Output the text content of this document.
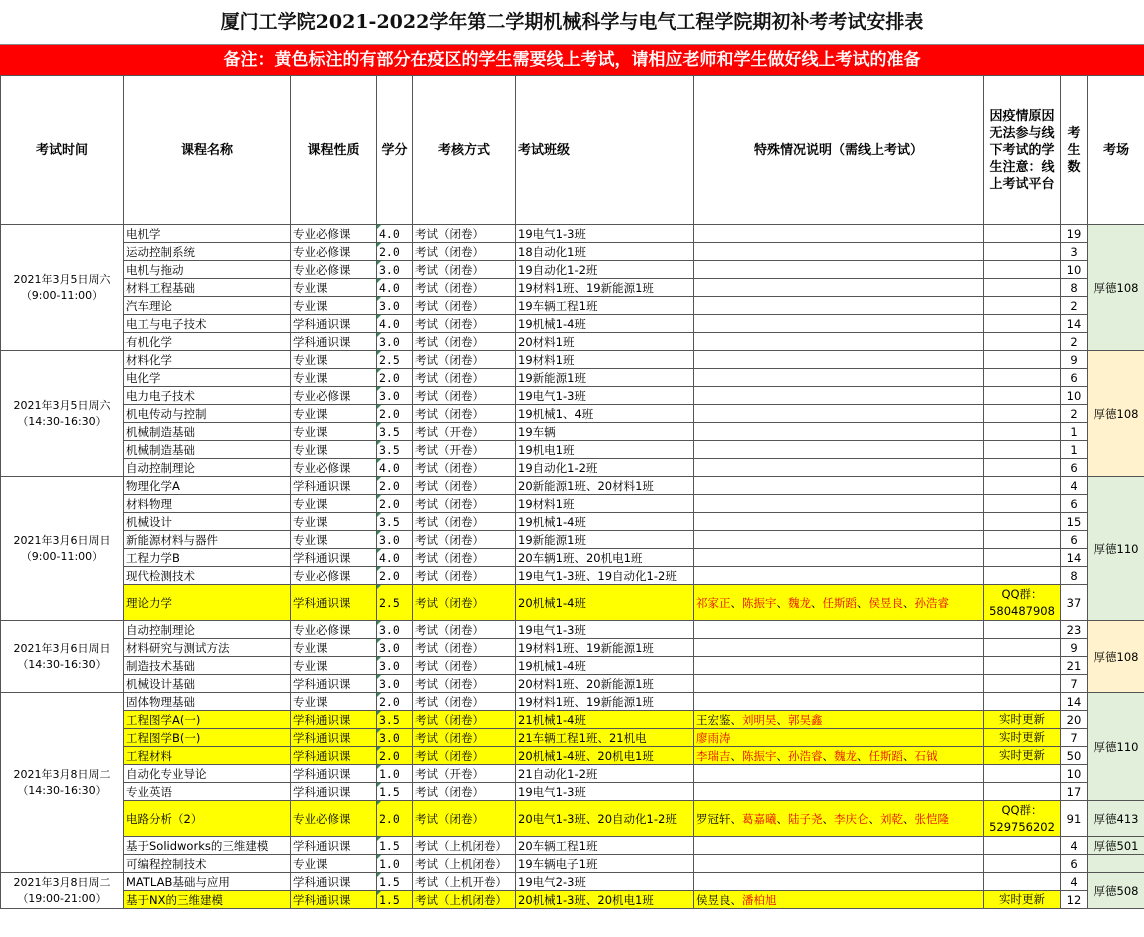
厦门工学院2021-2022学年第二学期机械科学与电气工程学院期初补考考试安排表
备注：黄色标注的有部分在疫区的学生需要线上考试，请相应老师和学生做好线上考试的准备
考试时间	课程名称	课程性质	学分	考核方式	考试班级	特殊情况说明（需线上考试）	因疫情原因无法参与线下考试的学生注意：线上考试平台	考生数	考场
2021年3月5日周六（9:00-11:00）	电机学	专业必修课	4.0	考试（闭卷）	19电气1-3班			19	厚德108
	运动控制系统	专业必修课	2.0	考试（闭卷）	18自动化1班			3	
	电机与拖动	专业必修课	3.0	考试（闭卷）	19自动化1-2班			10	
	材料工程基础	专业课	4.0	考试（闭卷）	19材料1班、19新能源1班			8	
	汽车理论	专业课	3.0	考试（闭卷）	19车辆工程1班			2	
	电工与电子技术	学科通识课	4.0	考试（闭卷）	19机械1-4班			14	
	有机化学	学科通识课	3.0	考试（闭卷）	20材料1班			2	
2021年3月5日周六（14:30-16:30）	材料化学	专业课	2.5	考试（闭卷）	19材料1班			9	厚德108
	电化学	专业课	2.0	考试（闭卷）	19新能源1班			6	
	电力电子技术	专业必修课	3.0	考试（闭卷）	19电气1-3班			10	
	机电传动与控制	专业课	2.0	考试（闭卷）	19机械1、4班			2	
	机械制造基础	专业课	3.5	考试（开卷）	19车辆			1	
	机械制造基础	专业课	3.5	考试（开卷）	19机电1班			1	
	自动控制理论	专业必修课	4.0	考试（闭卷）	19自动化1-2班			6	
2021年3月6日周日（9:00-11:00）	物理化学A	学科通识课	2.0	考试（闭卷）	20新能源1班、20材料1班			4	厚德110
	材料物理	专业课	2.0	考试（闭卷）	19材料1班			6	
	机械设计	专业课	3.5	考试（闭卷）	19机械1-4班			15	
	新能源材料与器件	专业课	3.0	考试（闭卷）	19新能源1班			6	
	工程力学B	学科通识课	4.0	考试（闭卷）	20车辆1班、20机电1班			14	
	现代检测技术	专业必修课	2.0	考试（闭卷）	19电气1-3班、19自动化1-2班			8	
	理论力学	学科通识课	2.5	考试（闭卷）	20机械1-4班	祁家正、陈振宇、魏龙、任斯蹈、侯昱良、孙浩睿	QQ群：580487908	37	
2021年3月6日周日（14:30-16:30）	自动控制理论	专业必修课	3.0	考试（闭卷）	19电气1-3班			23	厚德108
	材料研究与测试方法	专业课	3.0	考试（闭卷）	19材料1班、19新能源1班			9	
	制造技术基础	专业课	3.0	考试（闭卷）	19机械1-4班			21	
	机械设计基础	学科通识课	3.0	考试（闭卷）	20材料1班、20新能源1班			7	
2021年3月8日周二（14:30-16:30）	固体物理基础	专业课	2.0	考试（闭卷）	19材料1班、19新能源1班			14	厚德110
	工程图学A(一)	学科通识课	3.5	考试（闭卷）	21机械1-4班	王宏鉴、刘明昊、郭昊鑫	实时更新	20	
	工程图学B(一)	学科通识课	3.0	考试（闭卷）	21车辆工程1班、21机电	廖雨涛	实时更新	7	
	工程材料	学科通识课	2.0	考试（闭卷）	20机械1-4班、20机电1班	李瑞吉、陈振宇、孙浩睿、魏龙、任斯蹈、石钺	实时更新	50	
	自动化专业导论	学科通识课	1.0	考试（开卷）	21自动化1-2班			10	
	专业英语	学科通识课	1.5	考试（闭卷）	19电气1-3班			17	
	电路分析（2）	专业必修课	2.0	考试（闭卷）	20电气1-3班、20自动化1-2班	罗冠轩、葛嘉曦、陆子尧、李庆仑、刘乾、张恺隆	QQ群：529756202	91	厚德413
	基于Solidworks的三维建模	学科通识课	1.5	考试（上机闭卷）	20车辆工程1班			4	厚德501
	可编程控制技术	专业课	1.0	考试（上机闭卷）	19车辆电子1班			6	
2021年3月8日周二（19:00-21:00）	MATLAB基础与应用	学科通识课	1.5	考试（上机开卷）	19电气2-3班			4	厚德508
	基于NX的三维建模	学科通识课	1.5	考试（上机闭卷）	20机械1-3班、20机电1班	侯昱良、潘柏旭	实时更新	12	
